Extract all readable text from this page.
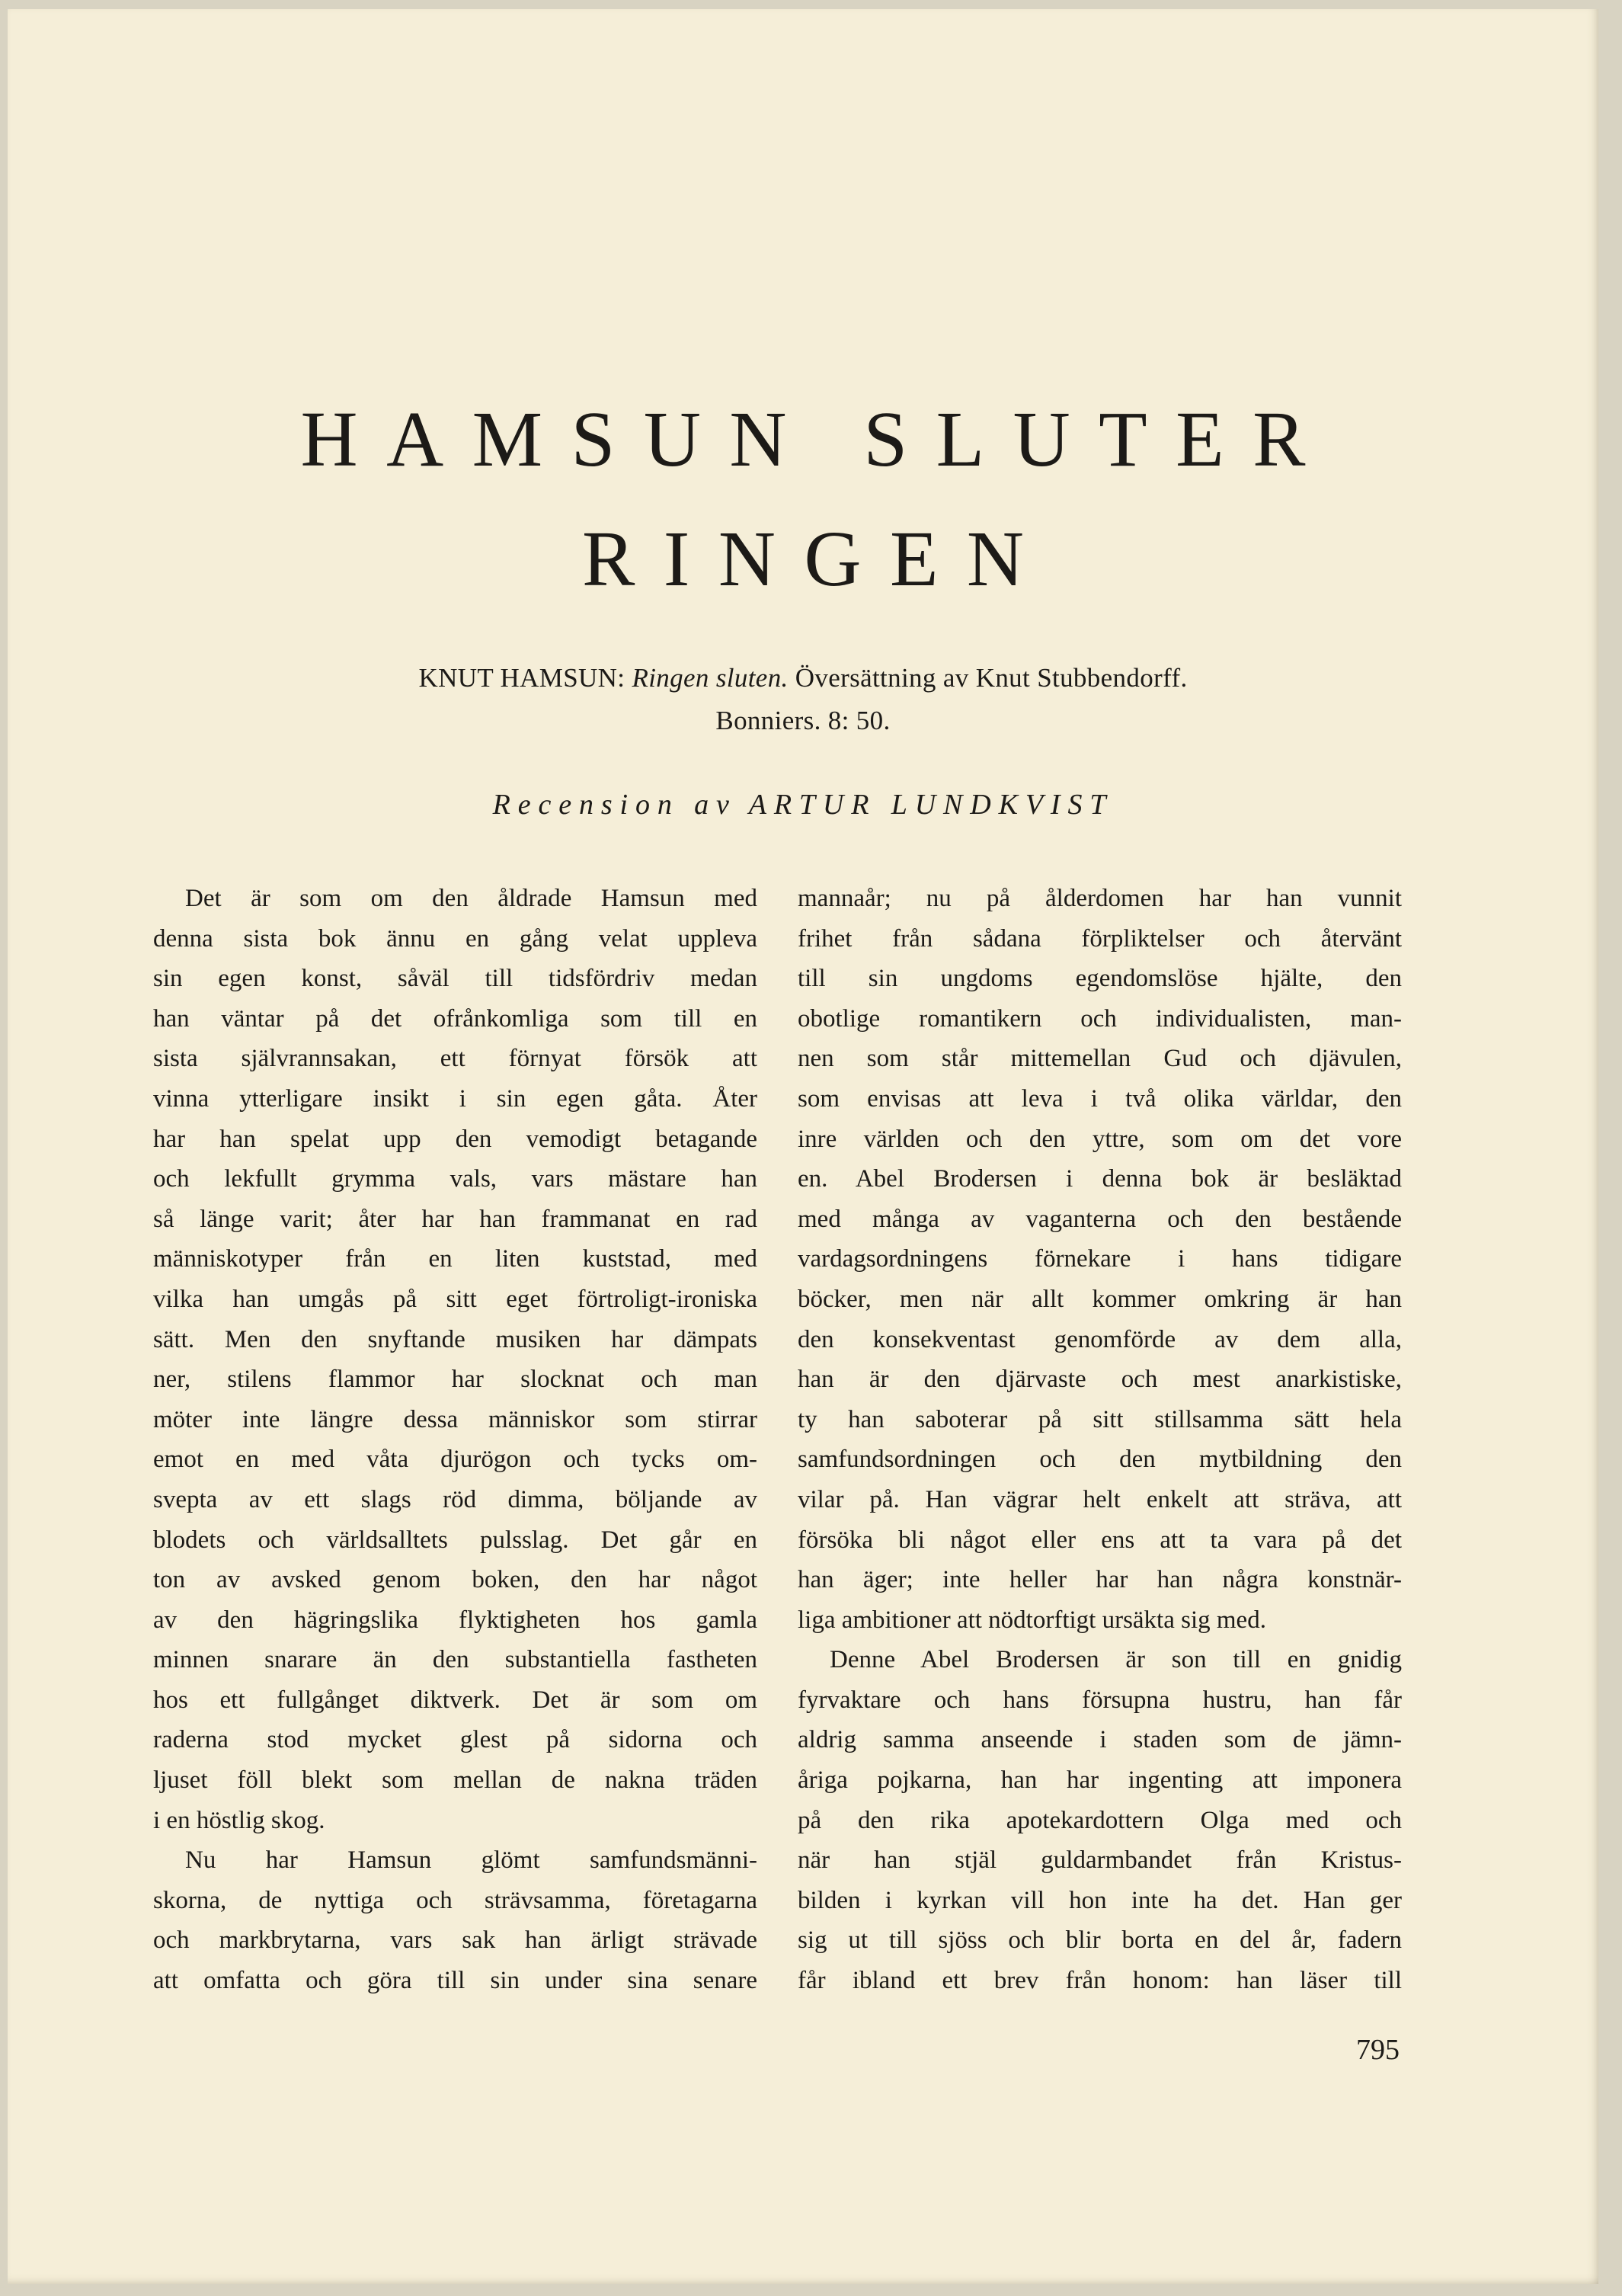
HAMSUN SLUTER
RINGEN
KNUT HAMSUN: Ringen sluten. Översättning av Knut Stubbendorff.
Bonniers. 8: 50.
Recension av ARTUR LUNDKVIST
Det är som om den åldrade Hamsun med
denna sista bok ännu en gång velat uppleva
sin egen konst, såväl till tidsfördriv medan
han väntar på det ofrånkomliga som till en
sista självrannsakan, ett förnyat försök att
vinna ytterligare insikt i sin egen gåta. Åter
har han spelat upp den vemodigt betagande
och lekfullt grymma vals, vars mästare han
så länge varit; åter har han frammanat en rad
människotyper från en liten kuststad, med
vilka han umgås på sitt eget förtroligt-ironiska
sätt. Men den snyftande musiken har dämpats
ner, stilens flammor har slocknat och man
möter inte längre dessa människor som stirrar
emot en med våta djurögon och tycks om-
svepta av ett slags röd dimma, böljande av
blodets och världsalltets pulsslag. Det går en
ton av avsked genom boken, den har något
av den hägringslika flyktigheten hos gamla
minnen snarare än den substantiella fastheten
hos ett fullgånget diktverk. Det är som om
raderna stod mycket glest på sidorna och
ljuset föll blekt som mellan de nakna träden
i en höstlig skog.
Nu har Hamsun glömt samfundsmänni-
skorna, de nyttiga och strävsamma, företagarna
och markbrytarna, vars sak han ärligt strävade
att omfatta och göra till sin under sina senare
mannaår; nu på ålderdomen har han vunnit
frihet från sådana förpliktelser och återvänt
till sin ungdoms egendomslöse hjälte, den
obotlige romantikern och individualisten, man-
nen som står mittemellan Gud och djävulen,
som envisas att leva i två olika världar, den
inre världen och den yttre, som om det vore
en. Abel Brodersen i denna bok är besläktad
med många av vaganterna och den bestående
vardagsordningens förnekare i hans tidigare
böcker, men när allt kommer omkring är han
den konsekventast genomförde av dem alla,
han är den djärvaste och mest anarkistiske,
ty han saboterar på sitt stillsamma sätt hela
samfundsordningen och den mytbildning den
vilar på. Han vägrar helt enkelt att sträva, att
försöka bli något eller ens att ta vara på det
han äger; inte heller har han några konstnär-
liga ambitioner att nödtorftigt ursäkta sig med.
Denne Abel Brodersen är son till en gnidig
fyrvaktare och hans försupna hustru, han får
aldrig samma anseende i staden som de jämn-
åriga pojkarna, han har ingenting att imponera
på den rika apotekardottern Olga med och
när han stjäl guldarmbandet från Kristus-
bilden i kyrkan vill hon inte ha det. Han ger
sig ut till sjöss och blir borta en del år, fadern
får ibland ett brev från honom: han läser till
795
